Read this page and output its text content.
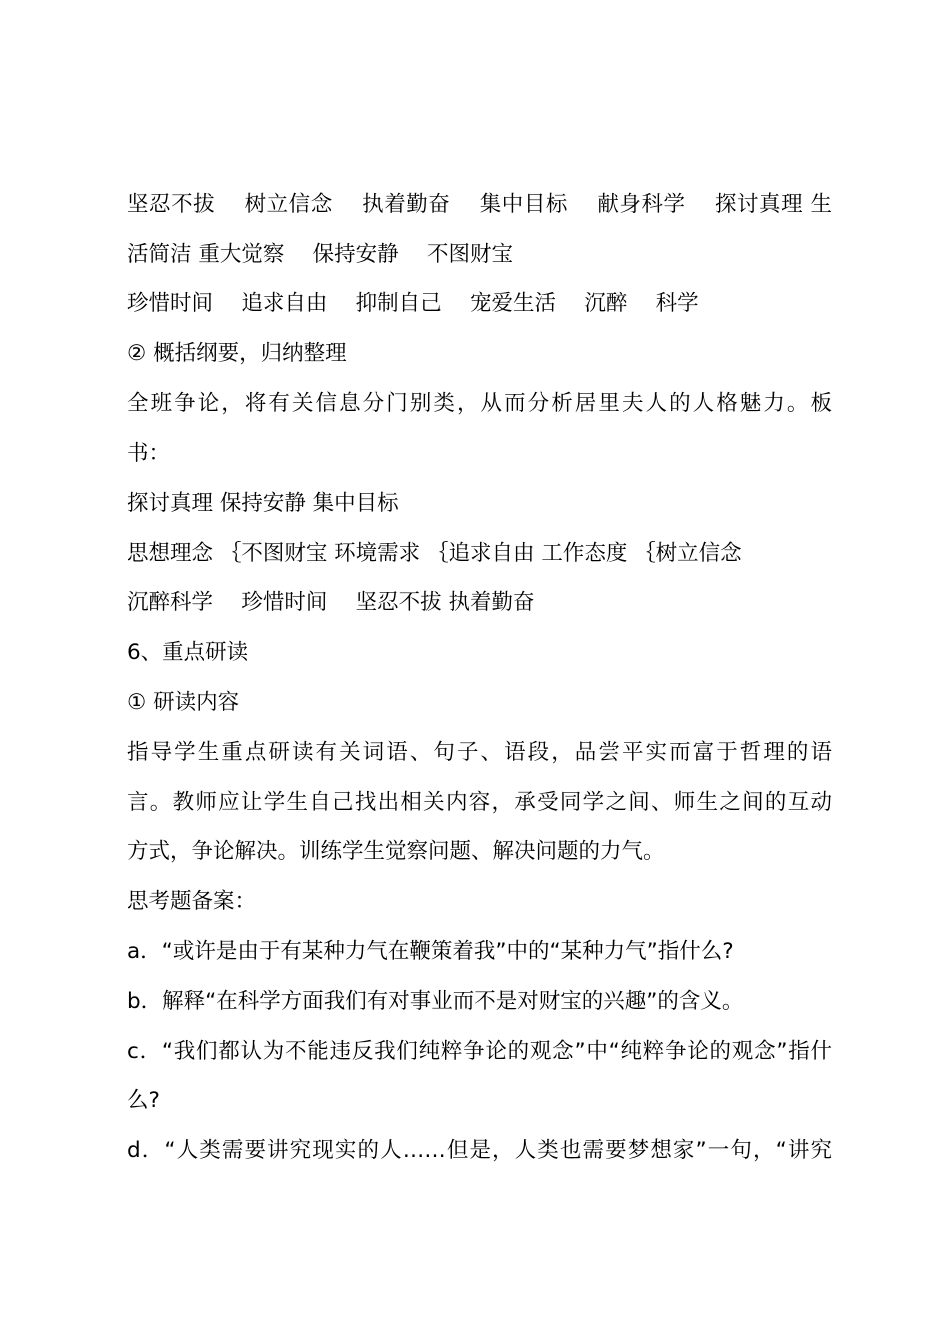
坚忍不拔　 树立信念　 执着勤奋　 集中目标　 献身科学　 探讨真理 生

活简洁 重大觉察　 保持安静　 不图财宝

珍惜时间　 追求自由　 抑制自己　 宠爱生活　 沉醉　 科学

② 概括纲要，归纳整理

全班争论，将有关信息分门别类，从而分析居里夫人的人格魅力。板

书：

探讨真理 保持安静 集中目标

思想理念 ｛不图财宝 环境需求 ｛追求自由 工作态度 ｛树立信念

沉醉科学　 珍惜时间　 坚忍不拔 执着勤奋

6、重点研读

① 研读内容

指导学生重点研读有关词语、句子、语段，品尝平实而富于哲理的语

言。教师应让学生自己找出相关内容，承受同学之间、师生之间的互动

方式，争论解决。训练学生觉察问题、解决问题的力气。

思考题备案：

a．“或许是由于有某种力气在鞭策着我”中的“某种力气”指什么?

b．解释“在科学方面我们有对事业而不是对财宝的兴趣”的含义。

c．“我们都认为不能违反我们纯粹争论的观念”中“纯粹争论的观念”指什

么?

d．“人类需要讲究现实的人……但是，人类也需要梦想家”一句，“讲究
